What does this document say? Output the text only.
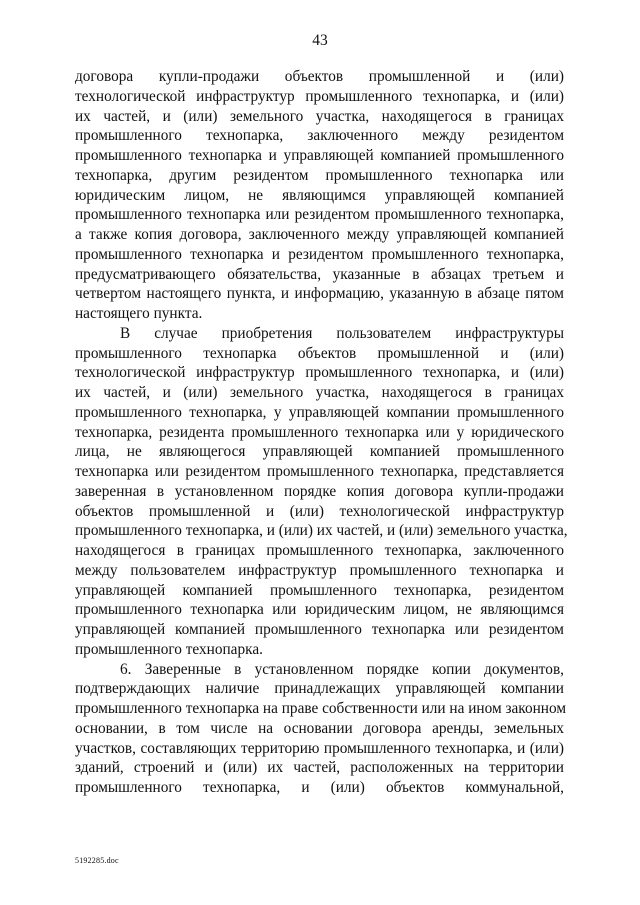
43
договора купли-продажи объектов промышленной и (или)
технологической инфраструктур промышленного технопарка, и (или)
их частей, и (или) земельного участка, находящегося в границах
промышленного технопарка, заключенного между резидентом
промышленного технопарка и управляющей компанией промышленного
технопарка, другим резидентом промышленного технопарка или
юридическим лицом, не являющимся управляющей компанией
промышленного технопарка или резидентом промышленного технопарка,
а также копия договора, заключенного между управляющей компанией
промышленного технопарка и резидентом промышленного технопарка,
предусматривающего обязательства, указанные в абзацах третьем и
четвертом настоящего пункта, и информацию, указанную в абзаце пятом
настоящего пункта.
В случае приобретения пользователем инфраструктуры
промышленного технопарка объектов промышленной и (или)
технологической инфраструктур промышленного технопарка, и (или)
их частей, и (или) земельного участка, находящегося в границах
промышленного технопарка, у управляющей компании промышленного
технопарка, резидента промышленного технопарка или у юридического
лица, не являющегося управляющей компанией промышленного
технопарка или резидентом промышленного технопарка, представляется
заверенная в установленном порядке копия договора купли-продажи
объектов промышленной и (или) технологической инфраструктур
промышленного технопарка, и (или) их частей, и (или) земельного участка,
находящегося в границах промышленного технопарка, заключенного
между пользователем инфраструктур промышленного технопарка и
управляющей компанией промышленного технопарка, резидентом
промышленного технопарка или юридическим лицом, не являющимся
управляющей компанией промышленного технопарка или резидентом
промышленного технопарка.
6. Заверенные в установленном порядке копии документов,
подтверждающих наличие принадлежащих управляющей компании
промышленного технопарка на праве собственности или на ином законном
основании, в том числе на основании договора аренды, земельных
участков, составляющих территорию промышленного технопарка, и (или)
зданий, строений и (или) их частей, расположенных на территории
промышленного технопарка, и (или) объектов коммунальной,
5192285.doc
